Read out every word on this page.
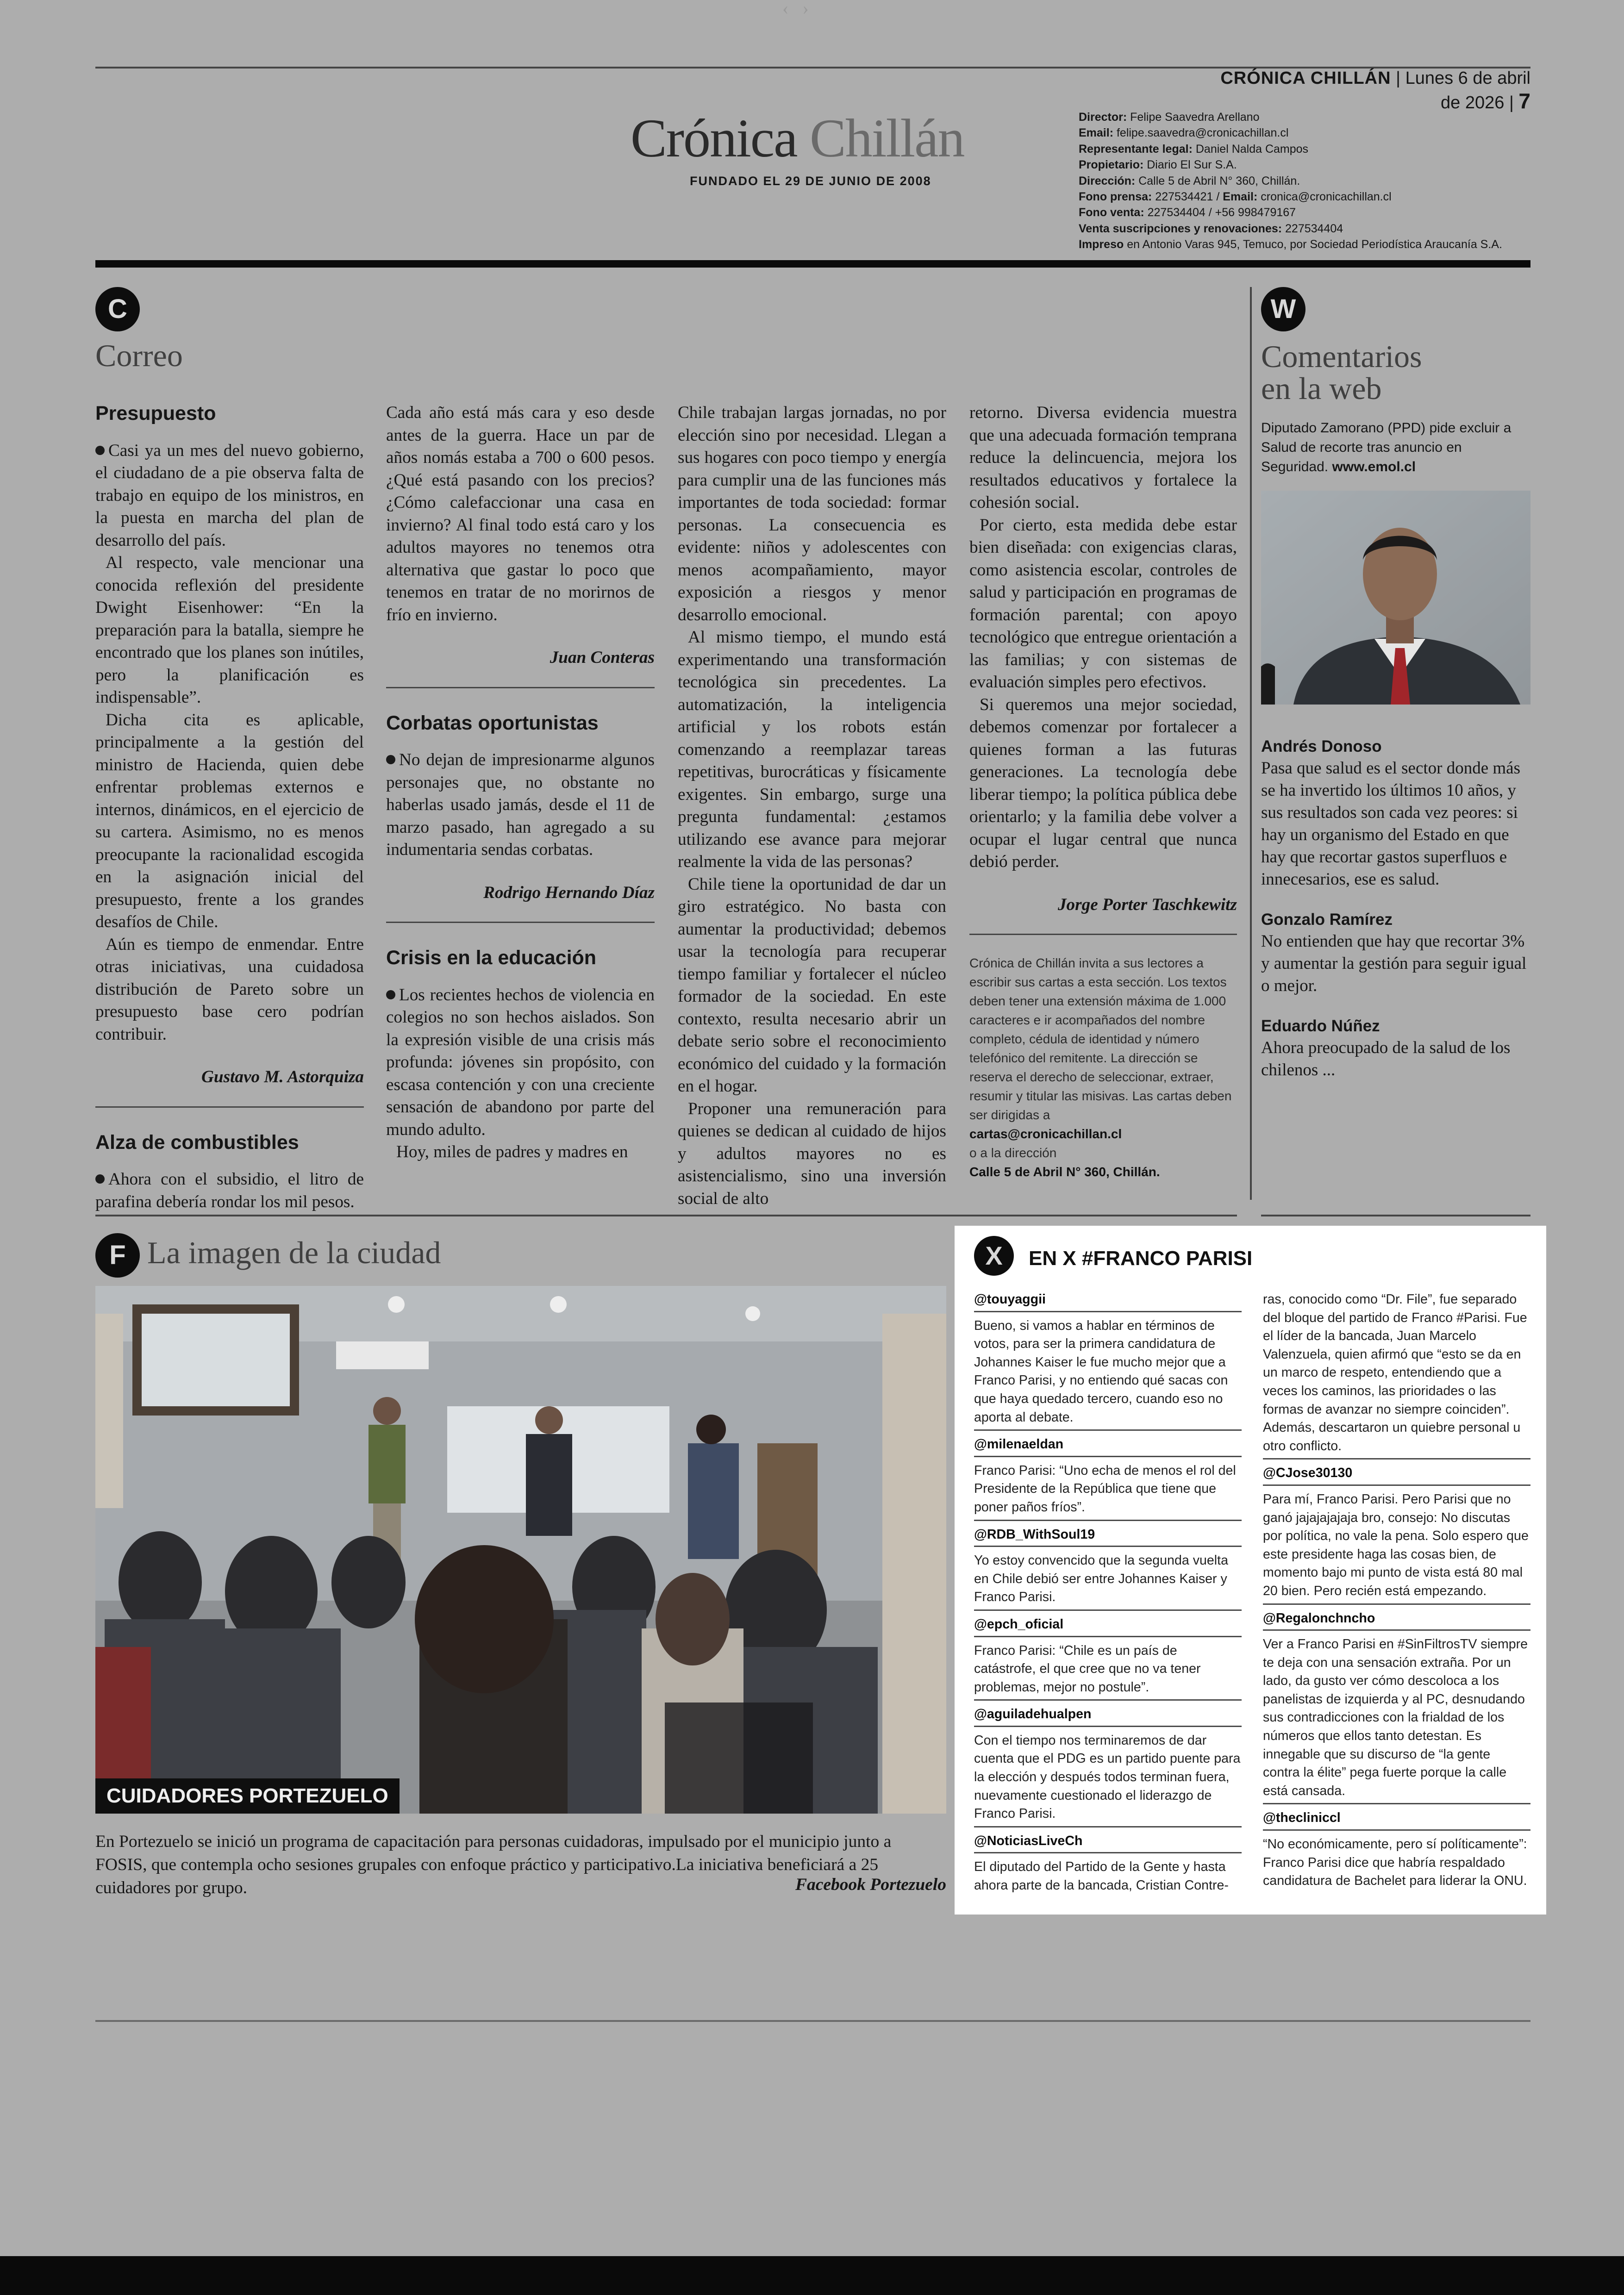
‹›
CRÓNICA CHILLÁN | Lunes 6 de abril de 2026 | 7
Crónica Chillán
FUNDADO EL 29 DE JUNIO DE 2008
Director: Felipe Saavedra Arellano
Email: felipe.saavedra@cronicachillan.cl
Representante legal: Daniel Nalda Campos
Propietario: Diario El Sur S.A.
Dirección: Calle 5 de Abril N° 360, Chillán.
Fono prensa: 227534421 / Email: cronica@cronicachillan.cl
Fono venta: 227534404 / +56 998479167
Venta suscripciones y renovaciones: 227534404
Impreso en Antonio Varas 945, Temuco, por Sociedad Periodística Araucanía S.A.
C
Correo
Presupuesto

Casi ya un mes del nuevo gobierno, el ciudadano de a pie observa falta de trabajo en equipo de los ministros, en la puesta en marcha del plan de desarrollo del país.

Al respecto, vale mencionar una conocida reflexión del presidente Dwight Eisenhower: “En la preparación para la batalla, siempre he encontrado que los planes son inútiles, pero la planificación es indispensable”.

Dicha cita es aplicable, principalmente a la gestión del ministro de Hacienda, quien debe enfrentar problemas externos e internos, dinámicos, en el ejercicio de su cartera. Asimismo, no es menos preocupante la racionalidad escogida en la asignación inicial del presupuesto, frente a los grandes desafíos de Chile.

Aún es tiempo de enmendar. Entre otras iniciativas, una cuidadosa distribución de Pareto sobre un presupuesto base cero podrían contribuir.

Gustavo M. Astorquiza
Alza de combustibles

Ahora con el subsidio, el litro de parafina debería rondar los mil pesos.

Cada año está más cara y eso desde antes de la guerra. Hace un par de años nomás estaba a 700 o 600 pesos. ¿Qué está pasando con los precios? ¿Cómo calefaccionar una casa en invierno? Al final todo está caro y los adultos mayores no tenemos otra alternativa que gastar lo poco que tenemos en tratar de no morirnos de frío en invierno.

Juan Conteras
Corbatas oportunistas

No dejan de impresionarme algunos personajes que, no obstante no haberlas usado jamás, desde el 11 de marzo pasado, han agregado a su indumentaria sendas corbatas.

Rodrigo Hernando Díaz
Crisis en la educación

Los recientes hechos de violencia en colegios no son hechos aislados. Son la expresión visible de una crisis más profunda: jóvenes sin propósito, con escasa contención y con una creciente sensación de abandono por parte del mundo adulto.

Hoy, miles de padres y madres en

Chile trabajan largas jornadas, no por elección sino por necesidad. Llegan a sus hogares con poco tiempo y energía para cumplir una de las funciones más importantes de toda sociedad: formar personas. La consecuencia es evidente: niños y adolescentes con menos acompañamiento, mayor exposición a riesgos y menor desarrollo emocional.

Al mismo tiempo, el mundo está experimentando una transformación tecnológica sin precedentes. La automatización, la inteligencia artificial y los robots están comenzando a reemplazar tareas repetitivas, burocráticas y físicamente exigentes. Sin embargo, surge una pregunta fundamental: ¿estamos utilizando ese avance para mejorar realmente la vida de las personas?

Chile tiene la oportunidad de dar un giro estratégico. No basta con aumentar la productividad; debemos usar la tecnología para recuperar tiempo familiar y fortalecer el núcleo formador de la sociedad. En este contexto, resulta necesario abrir un debate serio sobre el reconocimiento económico del cuidado y la formación en el hogar.

Proponer una remuneración para quienes se dedican al cuidado de hijos y adultos mayores no es asistencialismo, sino una inversión social de alto

retorno. Diversa evidencia muestra que una adecuada formación temprana reduce la delincuencia, mejora los resultados educativos y fortalece la cohesión social.

Por cierto, esta medida debe estar bien diseñada: con exigencias claras, como asistencia escolar, controles de salud y participación en programas de formación parental; con apoyo tecnológico que entregue orientación a las familias; y con sistemas de evaluación simples pero efectivos.

Si queremos una mejor sociedad, debemos comenzar por fortalecer a quienes forman a las futuras generaciones. La tecnología debe liberar tiempo; la política pública debe orientarlo; y la familia debe volver a ocupar el lugar central que nunca debió perder.

Jorge Porter Taschkewitz
Crónica de Chillán invita a sus lectores a escribir sus cartas a esta sección. Los textos deben tener una extensión máxima de 1.000 caracteres e ir acompañados del nombre completo, cédula de identidad y número telefónico del remitente. La dirección se reserva el derecho de seleccionar, extraer, resumir y titular las misivas. Las cartas deben ser dirigidas a
cartas@cronicachillan.cl
o a la dirección
Calle 5 de Abril N° 360, Chillán.
W
Comentarios
en la web
Diputado Zamorano (PPD) pide excluir a Salud de recorte tras anuncio en Seguridad. www.emol.cl
Andrés Donoso
Pasa que salud es el sector donde más se ha invertido los últimos 10 años, y sus resultados son cada vez peores: si hay un organismo del Estado en que hay que recortar gastos superfluos e innecesarios, ese es salud.
Gonzalo Ramírez
No entienden que hay que recortar 3% y aumentar la gestión para seguir igual o mejor.
Eduardo Núñez
Ahora preocupado de la salud de los chilenos ...
F La imagen de la ciudad
CUIDADORES PORTEZUELO
En Portezuelo se inició un programa de capacitación para personas cuidadoras, impulsado por el municipio junto a FOSIS, que contempla ocho sesiones grupales con enfoque práctico y participativo.La iniciativa beneficiará a 25 cuidadores por grupo.	Facebook Portezuelo
X	EN X #FRANCO PARISI
@touyaggii
Bueno, si vamos a hablar en términos de votos, para ser la primera candidatura de Johannes Kaiser le fue mucho mejor que a Franco Parisi, y no entiendo qué sacas con que haya quedado tercero, cuando eso no aporta al debate.
@milenaeldan
Franco Parisi: “Uno echa de menos el rol del Presidente de la República que tiene que poner paños fríos”.
@RDB_WithSoul19
Yo estoy convencido que la segunda vuelta en Chile debió ser entre Johannes Kaiser y Franco Parisi.
@epch_oficial
Franco Parisi: “Chile es un país de catástrofe, el que cree que no va tener problemas, mejor no postule”.
@aguiladehualpen
Con el tiempo nos terminaremos de dar cuenta que el PDG es un partido puente para la elección y después todos terminan fuera, nuevamente cuestionado el liderazgo de Franco Parisi.
@NoticiasLiveCh
El diputado del Partido de la Gente y hasta ahora parte de la bancada, Cristian Contre-
ras, conocido como “Dr. File”, fue separado del bloque del partido de Franco #Parisi. Fue el líder de la bancada, Juan Marcelo Valenzuela, quien afirmó que “esto se da en un marco de respeto, entendiendo que a veces los caminos, las prioridades o las formas de avanzar no siempre coinciden”. Además, descartaron un quiebre personal u otro conflicto.
@CJose30130
Para mí, Franco Parisi. Pero Parisi que no ganó jajajajajaja bro, consejo: No discutas por política, no vale la pena. Solo espero que este presidente haga las cosas bien, de momento bajo mi punto de vista está 80 mal 20 bien. Pero recién está empezando.
@Regalonchncho
Ver a Franco Parisi en #SinFiltrosTV siempre te deja con una sensación extraña. Por un lado, da gusto ver cómo descoloca a los panelistas de izquierda y al PC, desnudando sus contradicciones con la frialdad de los números que ellos tanto detestan. Es innegable que su discurso de “la gente contra la élite” pega fuerte porque la calle está cansada.
@thecliniccl
“No económicamente, pero sí políticamente”: Franco Parisi dice que habría respaldado candidatura de Bachelet para liderar la ONU.
